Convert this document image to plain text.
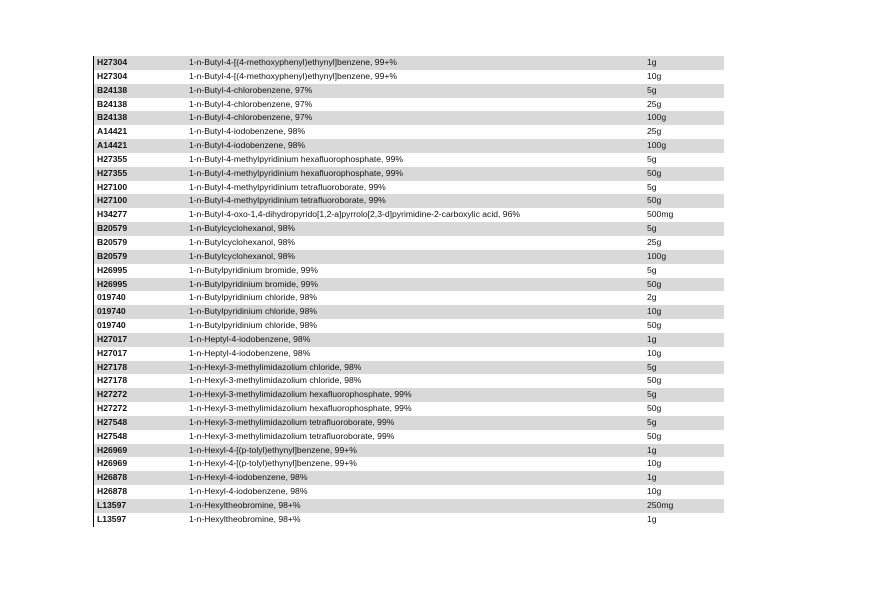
H27304	1-n-Butyl-4-[(4-methoxyphenyl)ethynyl]benzene, 99+%	1g
H27304	1-n-Butyl-4-[(4-methoxyphenyl)ethynyl]benzene, 99+%	10g
B24138	1-n-Butyl-4-chlorobenzene, 97%	5g
B24138	1-n-Butyl-4-chlorobenzene, 97%	25g
B24138	1-n-Butyl-4-chlorobenzene, 97%	100g
A14421	1-n-Butyl-4-iodobenzene, 98%	25g
A14421	1-n-Butyl-4-iodobenzene, 98%	100g
H27355	1-n-Butyl-4-methylpyridinium hexafluorophosphate, 99%	5g
H27355	1-n-Butyl-4-methylpyridinium hexafluorophosphate, 99%	50g
H27100	1-n-Butyl-4-methylpyridinium tetrafluoroborate, 99%	5g
H27100	1-n-Butyl-4-methylpyridinium tetrafluoroborate, 99%	50g
H34277	1-n-Butyl-4-oxo-1,4-dihydropyrido[1,2-a]pyrrolo[2,3-d]pyrimidine-2-carboxylic acid, 96%	500mg
B20579	1-n-Butylcyclohexanol, 98%	5g
B20579	1-n-Butylcyclohexanol, 98%	25g
B20579	1-n-Butylcyclohexanol, 98%	100g
H26995	1-n-Butylpyridinium bromide, 99%	5g
H26995	1-n-Butylpyridinium bromide, 99%	50g
019740	1-n-Butylpyridinium chloride, 98%	2g
019740	1-n-Butylpyridinium chloride, 98%	10g
019740	1-n-Butylpyridinium chloride, 98%	50g
H27017	1-n-Heptyl-4-iodobenzene, 98%	1g
H27017	1-n-Heptyl-4-iodobenzene, 98%	10g
H27178	1-n-Hexyl-3-methylimidazolium chloride, 98%	5g
H27178	1-n-Hexyl-3-methylimidazolium chloride, 98%	50g
H27272	1-n-Hexyl-3-methylimidazolium hexafluorophosphate, 99%	5g
H27272	1-n-Hexyl-3-methylimidazolium hexafluorophosphate, 99%	50g
H27548	1-n-Hexyl-3-methylimidazolium tetrafluoroborate, 99%	5g
H27548	1-n-Hexyl-3-methylimidazolium tetrafluoroborate, 99%	50g
H26969	1-n-Hexyl-4-[(p-tolyl)ethynyl]benzene, 99+%	1g
H26969	1-n-Hexyl-4-[(p-tolyl)ethynyl]benzene, 99+%	10g
H26878	1-n-Hexyl-4-iodobenzene, 98%	1g
H26878	1-n-Hexyl-4-iodobenzene, 98%	10g
L13597	1-n-Hexyltheobromine, 98+%	250mg
L13597	1-n-Hexyltheobromine, 98+%	1g
